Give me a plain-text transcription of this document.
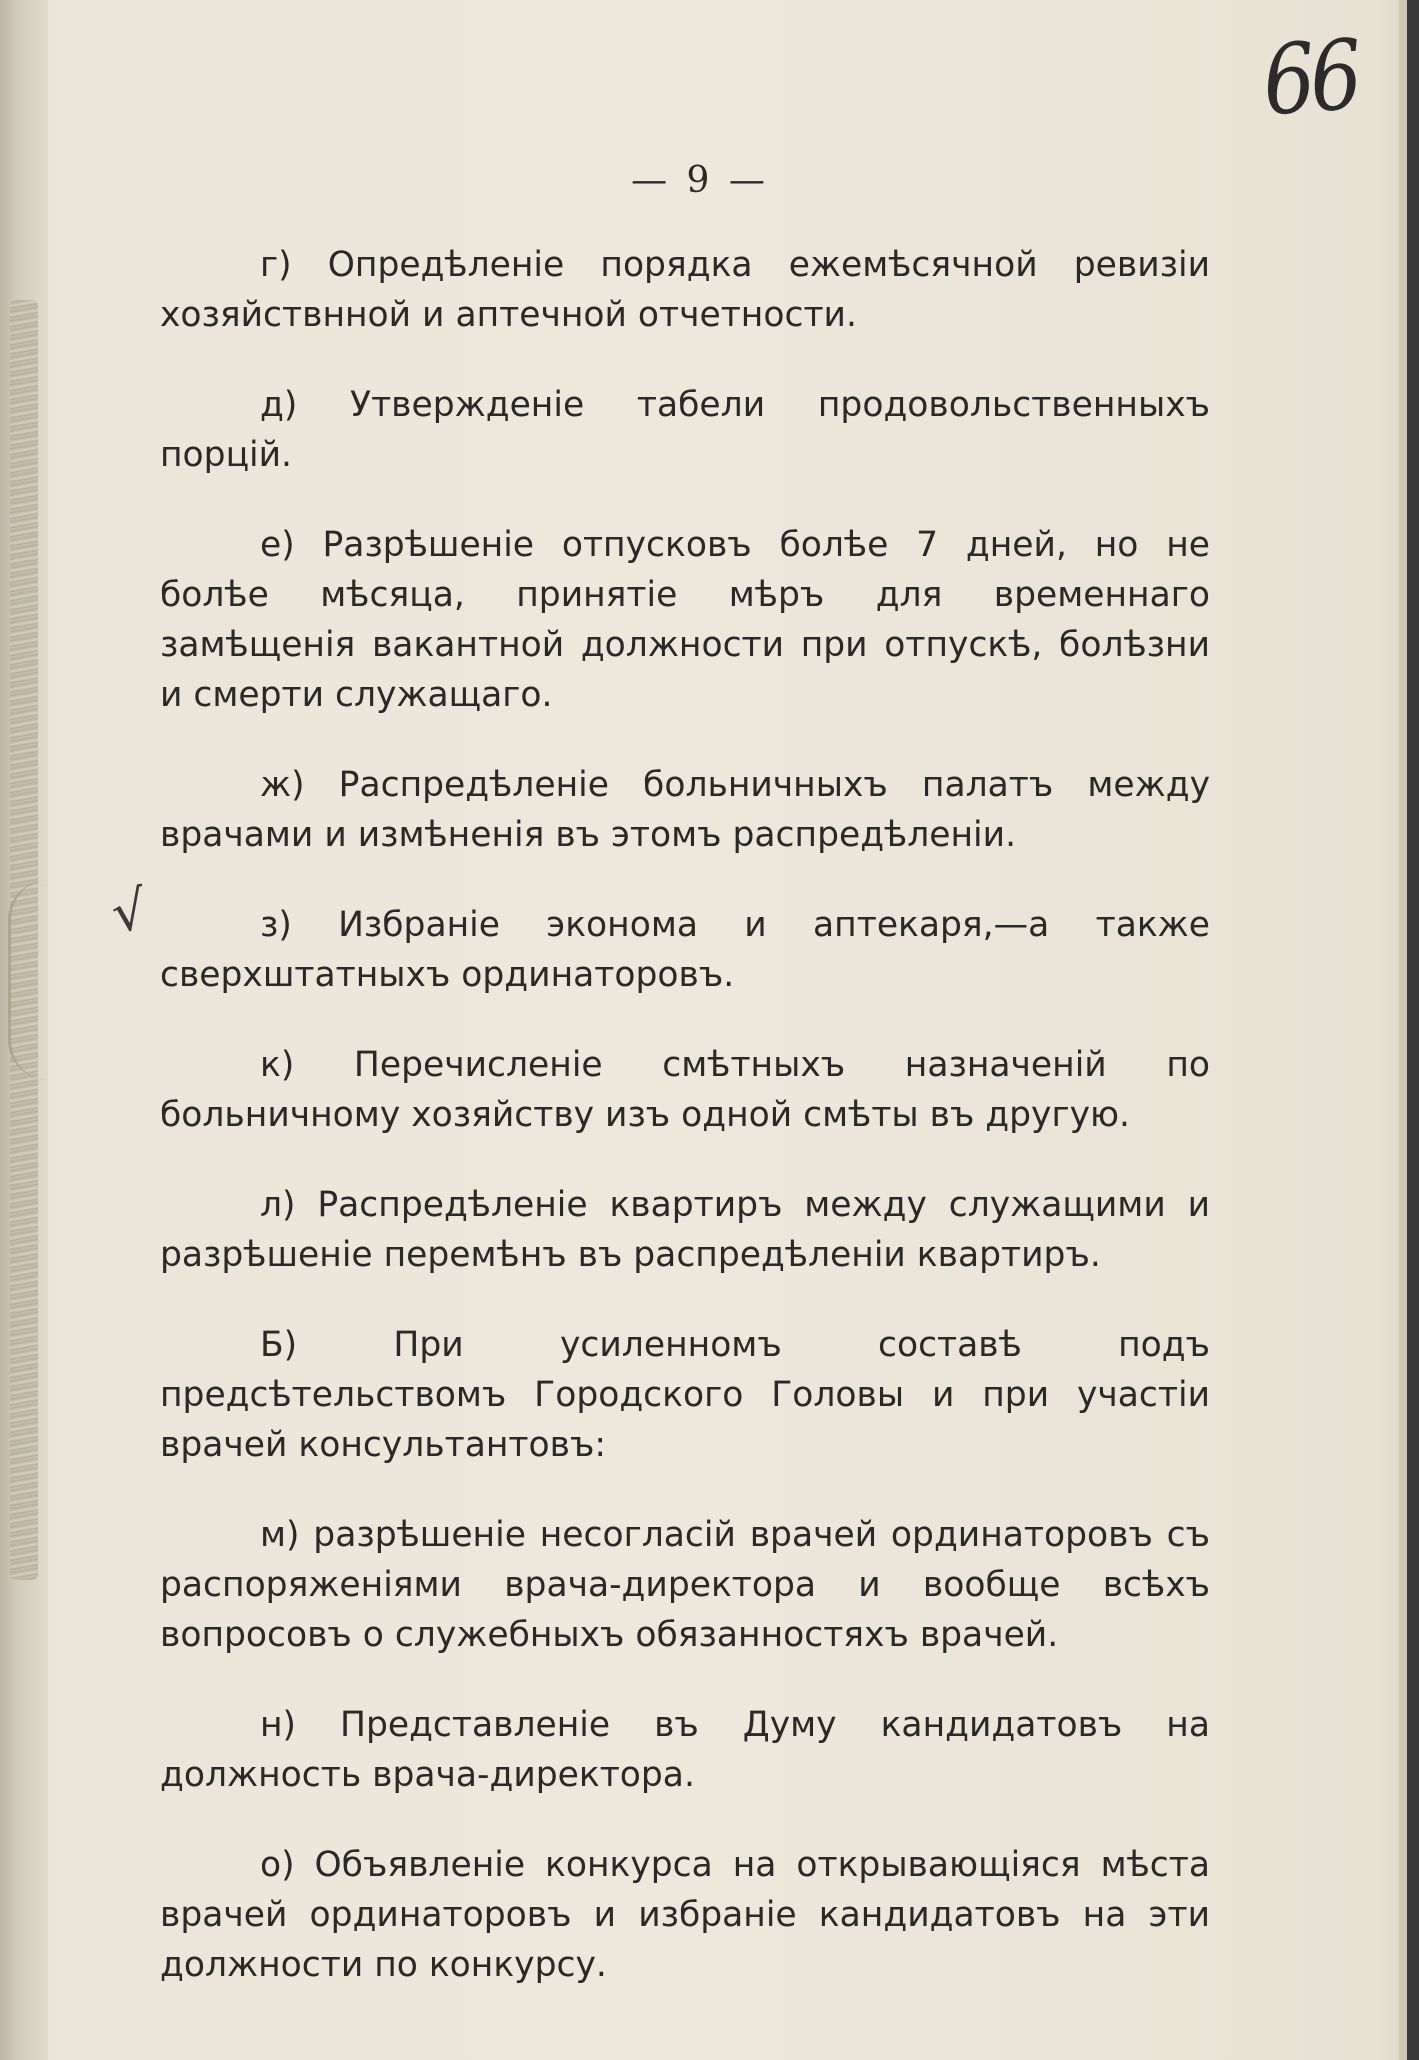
66
— 9 —
√

г) Опредѣленіе порядка ежемѣсячной ревизіи хозяйствнной и аптечной отчетности.

д) Утвержденіе табели продовольственныхъ порцій.

е) Разрѣшеніе отпусковъ болѣе 7 дней, но не болѣе мѣсяца, принятіе мѣръ для временнаго замѣщенія вакантной должности при отпускѣ, болѣзни и смерти служащаго.

ж) Распредѣленіе больничныхъ палатъ между врачами и измѣненія въ этомъ распредѣленіи.

з) Избраніе эконома и аптекаря,—а также сверхштатныхъ ординаторовъ.

к) Перечисленіе смѣтныхъ назначеній по больничному хозяйству изъ одной смѣты въ другую.

л) Распредѣленіе квартиръ между служащими и разрѣшеніе перемѣнъ въ распредѣленіи квартиръ.

Б) При усиленномъ составѣ подъ предсѣтельствомъ Городского Головы и при участіи врачей консультантовъ:

м) разрѣшеніе несогласій врачей ординаторовъ съ распоряженіями врача-директора и вообще всѣхъ вопросовъ о служебныхъ обязанностяхъ врачей.

н) Представленіе въ Думу кандидатовъ на должность врача-директора.

о) Объявленіе конкурса на открывающіяся мѣста врачей ординаторовъ и избраніе кандидатовъ на эти должности по конкурсу.
